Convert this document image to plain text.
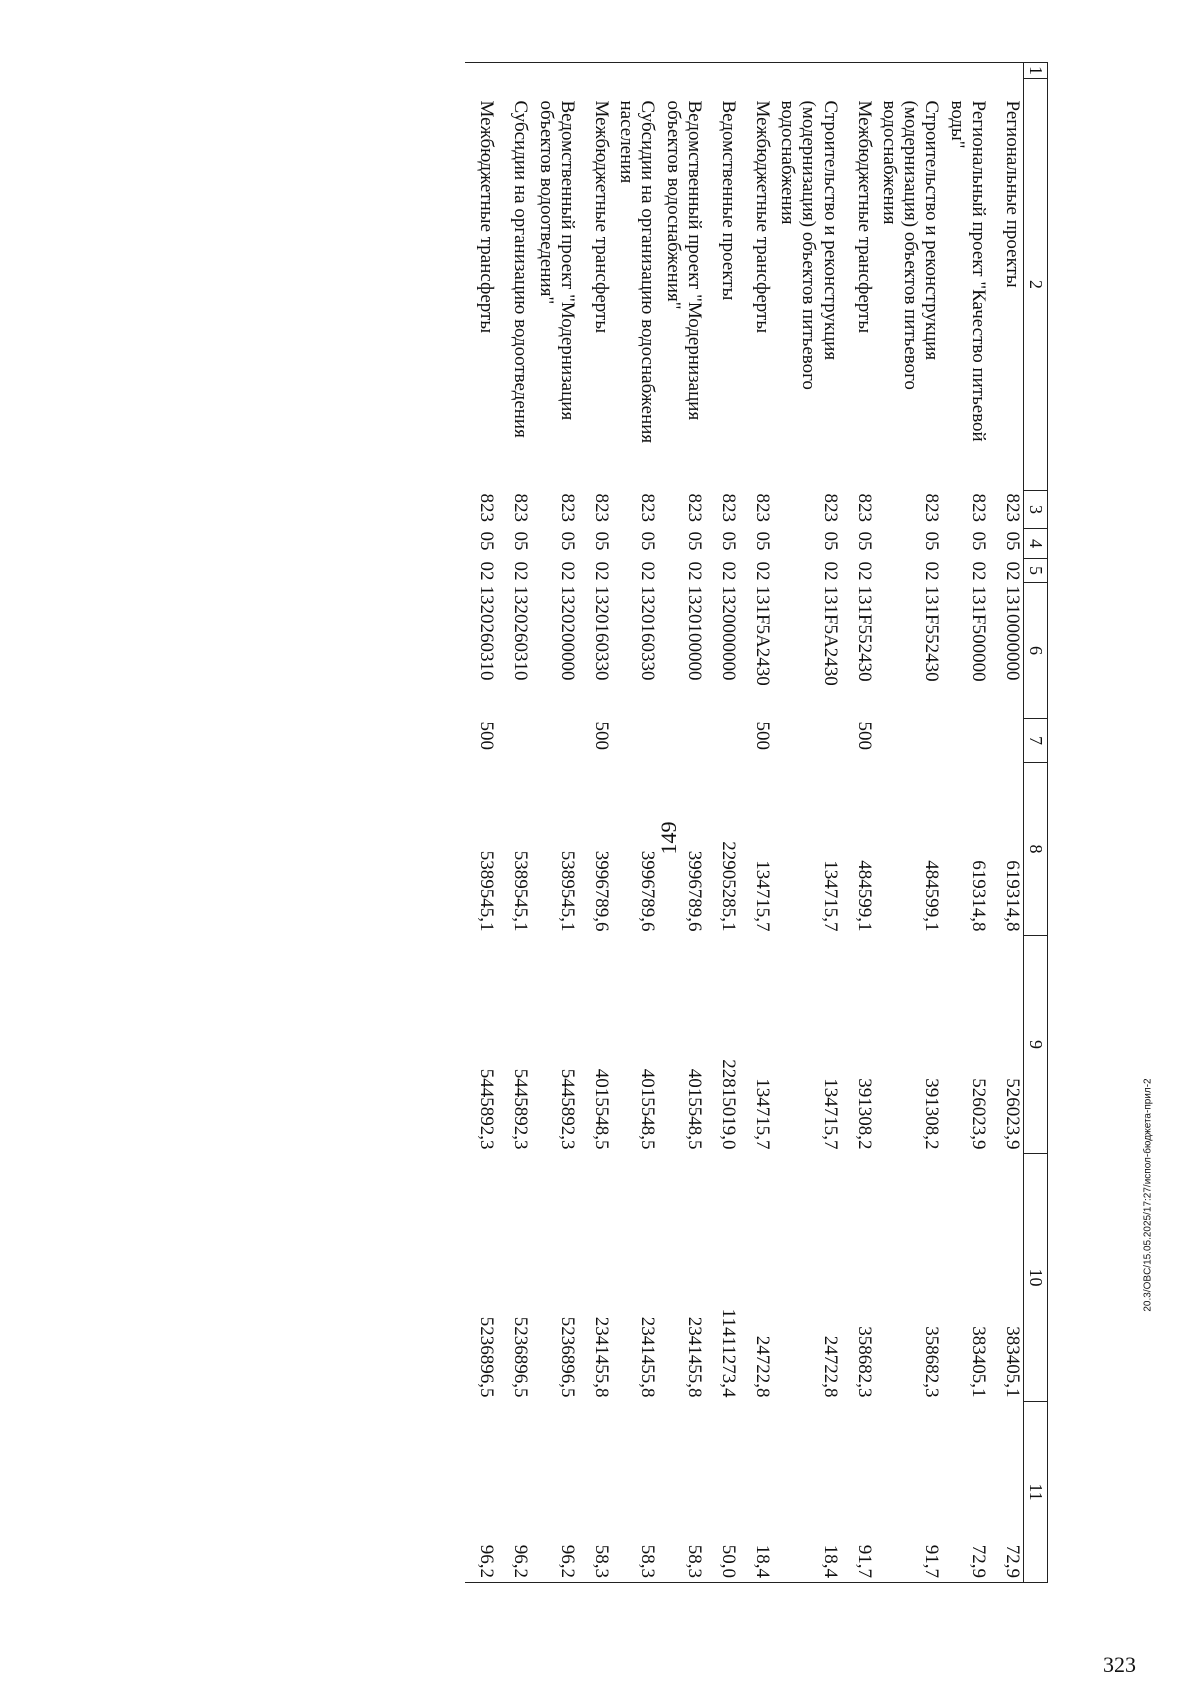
149
1	2	3	4	5	6	7	8	9	10	11
	Региональные проекты	823	05	02	1310000000		619314,8	526023,9	383405,1	72,9
	Региональный проект "Качество питьевой воды"	823	05	02	131F500000		619314,8	526023,9	383405,1	72,9
	Строительство и реконструкция (модернизация) объектов питьевого водоснабжения	823	05	02	131F552430		484599,1	391308,2	358682,3	91,7
	Межбюджетные трансферты	823	05	02	131F552430	500	484599,1	391308,2	358682,3	91,7
	Строительство и реконструкция (модернизация) объектов питьевого водоснабжения	823	05	02	131F5A2430		134715,7	134715,7	24722,8	18,4
	Межбюджетные трансферты	823	05	02	131F5A2430	500	134715,7	134715,7	24722,8	18,4
	Ведомственные проекты	823	05	02	1320000000		22905285,1	22815019,0	11411273,4	50,0
	Ведомственный проект "Модернизация объектов водоснабжения"	823	05	02	1320100000		3996789,6	4015548,5	2341455,8	58,3
	Субсидии на организацию водоснабжения населения	823	05	02	1320160330		3996789,6	4015548,5	2341455,8	58,3
	Межбюджетные трансферты	823	05	02	1320160330	500	3996789,6	4015548,5	2341455,8	58,3
	Ведомственный проект "Модернизация объектов водоотведения"	823	05	02	1320200000		5389545,1	5445892,3	5236896,5	96,2
	Субсидии на организацию водоотведения	823	05	02	1320260310		5389545,1	5445892,3	5236896,5	96,2
	Межбюджетные трансферты	823	05	02	1320260310	500	5389545,1	5445892,3	5236896,5	96,2
20.3/OBC/15.05.2025/17:27/испол-бюджета-прил-2
323
